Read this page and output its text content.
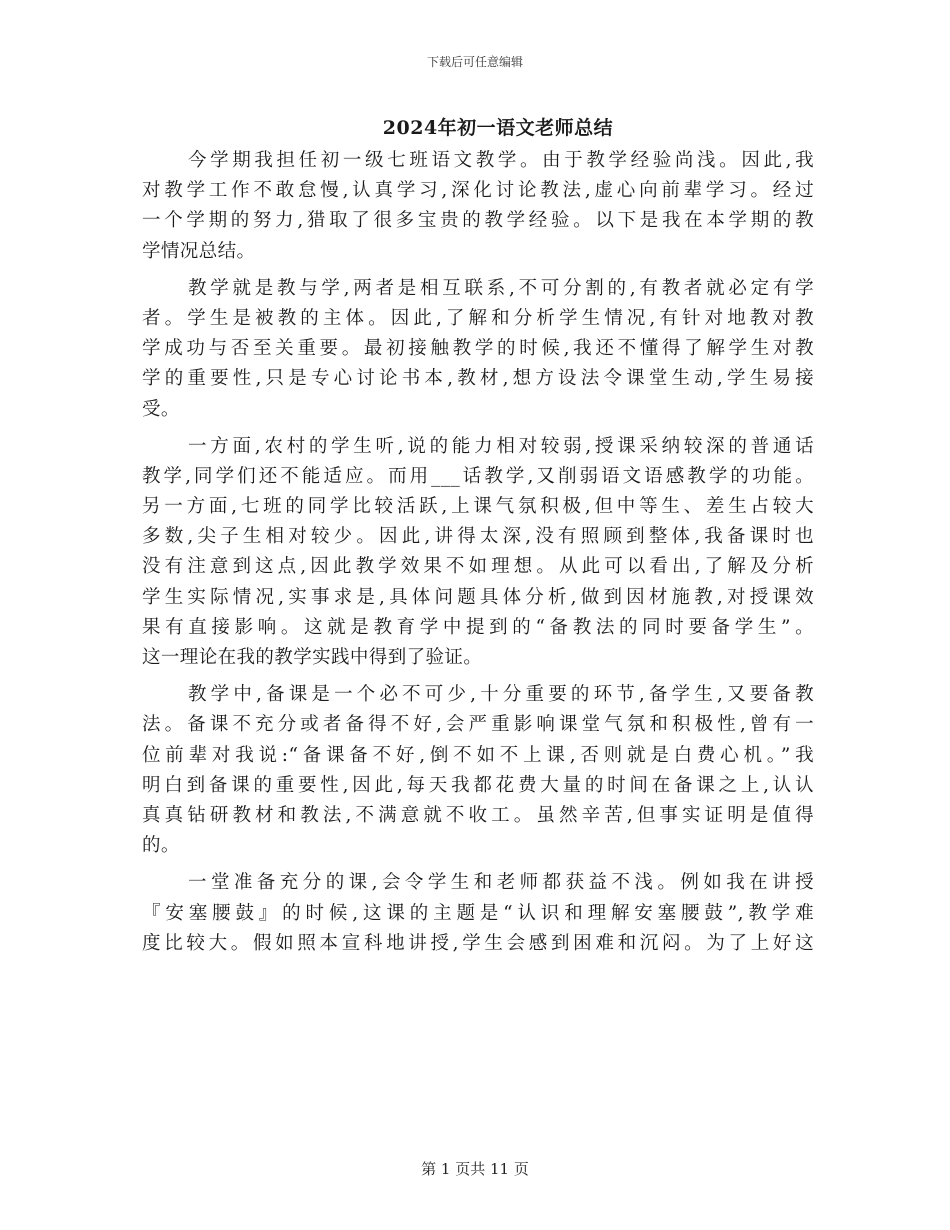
下载后可任意编辑
2024年初一语文老师总结
今学期我担任初一级七班语文教学。由于教学经验尚浅。因此,我
对教学工作不敢怠慢,认真学习,深化讨论教法,虚心向前辈学习。经过
一个学期的努力,猎取了很多宝贵的教学经验。以下是我在本学期的教
学情况总结。
教学就是教与学,两者是相互联系,不可分割的,有教者就必定有学
者。学生是被教的主体。因此,了解和分析学生情况,有针对地教对教
学成功与否至关重要。最初接触教学的时候,我还不懂得了解学生对教
学的重要性,只是专心讨论书本,教材,想方设法令课堂生动,学生易接
受。
一方面,农村的学生听,说的能力相对较弱,授课采纳较深的普通话
教学,同学们还不能适应。而用___话教学,又削弱语文语感教学的功能。
另一方面,七班的同学比较活跃,上课气氛积极,但中等生、差生占较大
多数,尖子生相对较少。因此,讲得太深,没有照顾到整体,我备课时也
没有注意到这点,因此教学效果不如理想。从此可以看出,了解及分析
学生实际情况,实事求是,具体问题具体分析,做到因材施教,对授课效
果有直接影响。这就是教育学中提到的“备教法的同时要备学生”。
这一理论在我的教学实践中得到了验证。
教学中,备课是一个必不可少,十分重要的环节,备学生,又要备教
法。备课不充分或者备得不好,会严重影响课堂气氛和积极性,曾有一
位前辈对我说:“备课备不好,倒不如不上课,否则就是白费心机。”我
明白到备课的重要性,因此,每天我都花费大量的时间在备课之上,认认
真真钻研教材和教法,不满意就不收工。虽然辛苦,但事实证明是值得
的。
一堂准备充分的课,会令学生和老师都获益不浅。例如我在讲授
『安塞腰鼓』的时候,这课的主题是“认识和理解安塞腰鼓”,教学难
度比较大。假如照本宣科地讲授,学生会感到困难和沉闷。为了上好这
第 1 页共 11 页
